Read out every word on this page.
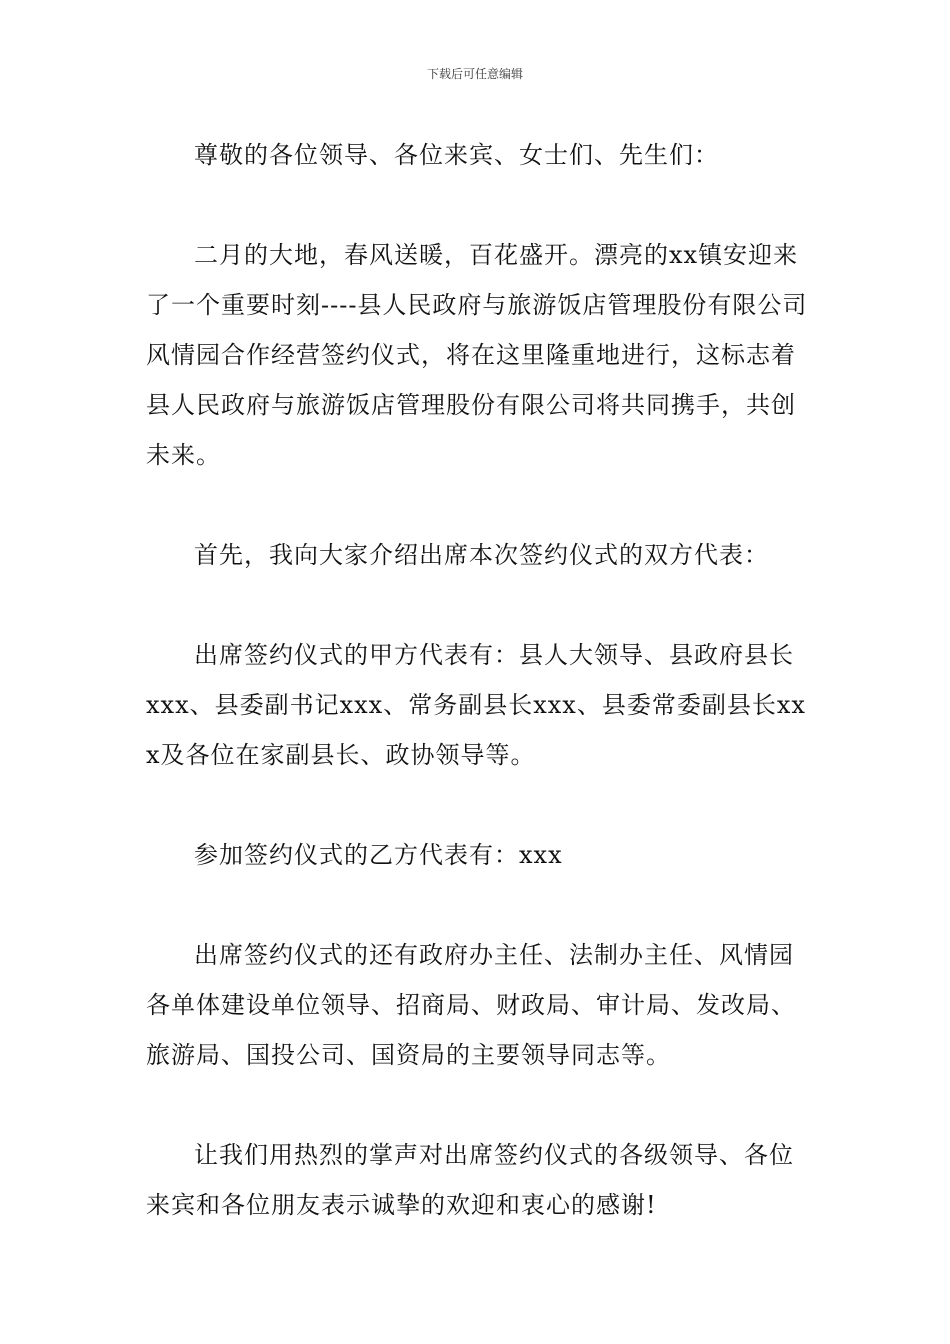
下载后可任意编辑

尊敬的各位领导、各位来宾、女士们、先生们：

二月的大地，春风送暖，百花盛开。漂亮的xx镇安迎来了一个重要时刻----县人民政府与旅游饭店管理股份有限公司风情园合作经营签约仪式，将在这里隆重地进行，这标志着县人民政府与旅游饭店管理股份有限公司将共同携手，共创未来。

首先，我向大家介绍出席本次签约仪式的双方代表：

出席签约仪式的甲方代表有：县人大领导、县政府县长xxx、县委副书记xxx、常务副县长xxx、县委常委副县长xxx及各位在家副县长、政协领导等。

参加签约仪式的乙方代表有：xxx

出席签约仪式的还有政府办主任、法制办主任、风情园各单体建设单位领导、招商局、财政局、审计局、发改局、旅游局、国投公司、国资局的主要领导同志等。

让我们用热烈的掌声对出席签约仪式的各级领导、各位来宾和各位朋友表示诚挚的欢迎和衷心的感谢!
